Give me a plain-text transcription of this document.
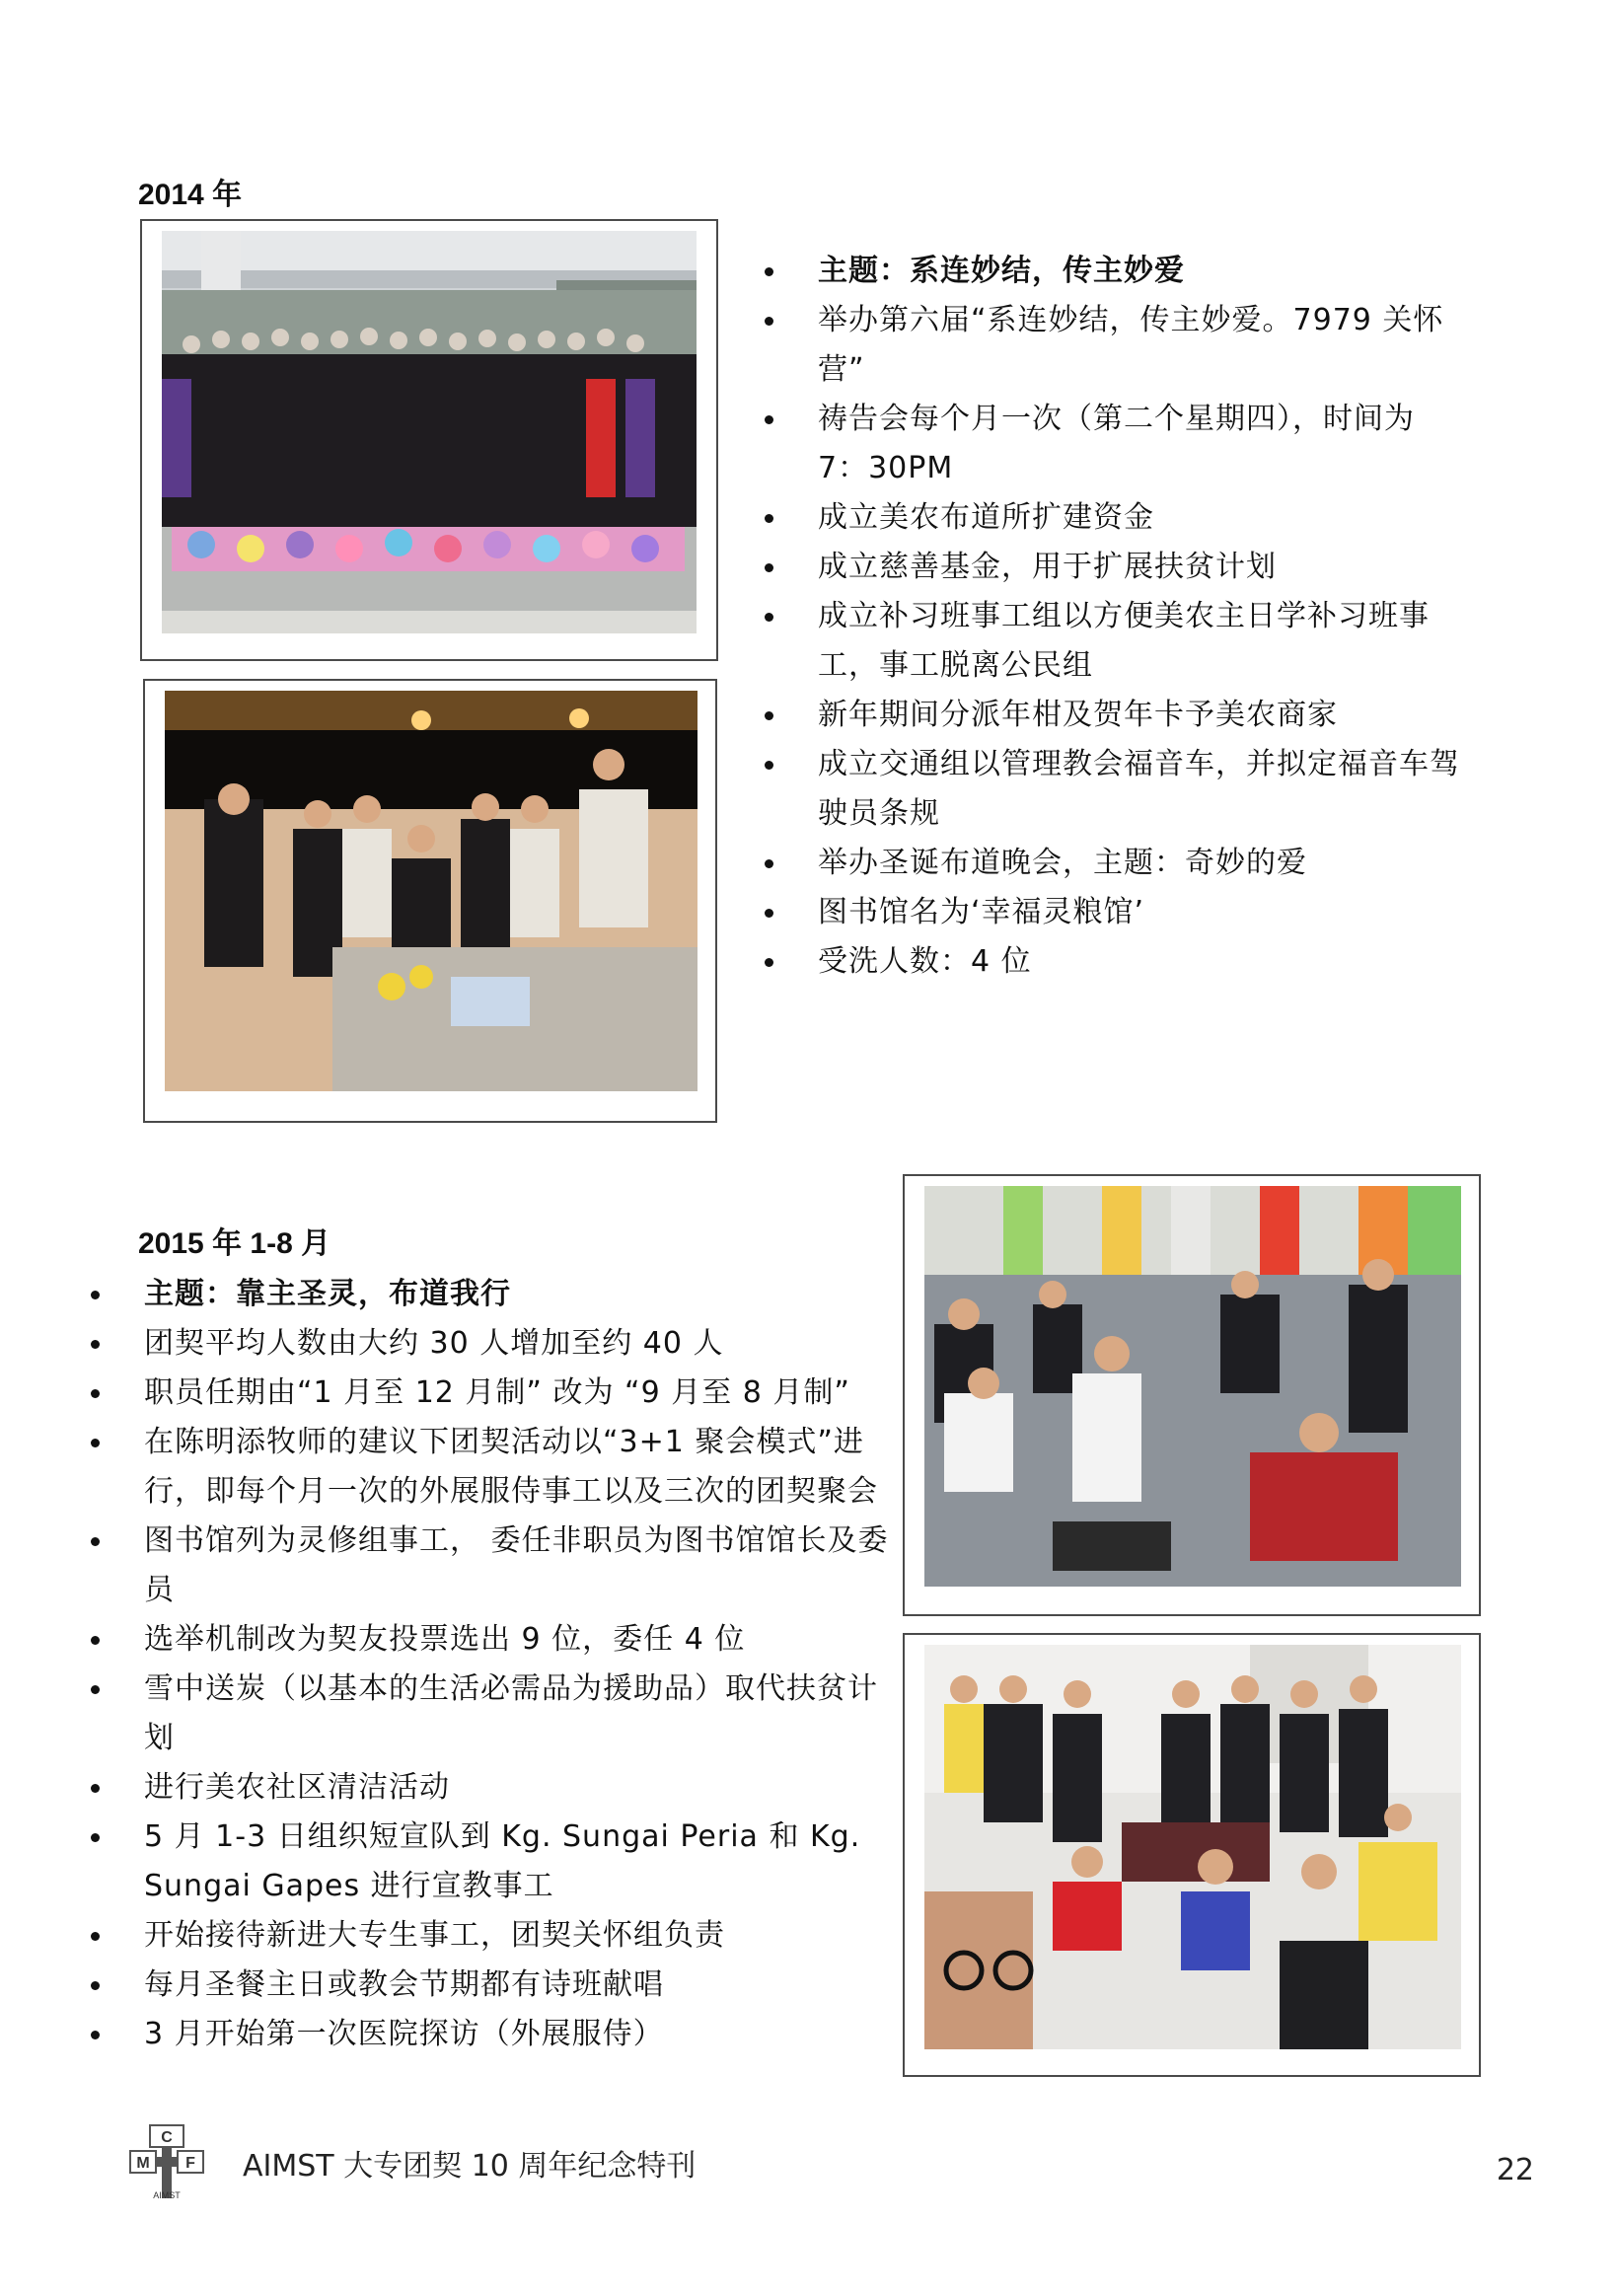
2014 年
主题：系连妙结，传主妙爱
举办第六届“系连妙结，传主妙爱。7979 关怀营”
祷告会每个月一次（第二个星期四），时间为 7：30PM
成立美农布道所扩建资金
成立慈善基金，用于扩展扶贫计划
成立补习班事工组以方便美农主日学补习班事工，事工脱离公民组
新年期间分派年柑及贺年卡予美农商家
成立交通组以管理教会福音车，并拟定福音车驾驶员条规
举办圣诞布道晚会，主题：奇妙的爱
图书馆名为‘幸福灵粮馆’
受洗人数：4 位
2015 年 1-8 月
主题：靠主圣灵，布道我行
团契平均人数由大约 30 人增加至约 40 人
职员任期由“1 月至 12 月制” 改为 “9 月至 8 月制”
在陈明添牧师的建议下团契活动以“3+1 聚会模式”进行，即每个月一次的外展服侍事工以及三次的团契聚会
图书馆列为灵修组事工， 委任非职员为图书馆馆长及委员
选举机制改为契友投票选出 9 位，委任 4 位
雪中送炭（以基本的生活必需品为援助品）取代扶贫计划
进行美农社区清洁活动
5 月 1-3 日组织短宣队到 Kg. Sungai Peria 和 Kg. Sungai Gapes 进行宣教事工
开始接待新进大专生事工，团契关怀组负责
每月圣餐主日或教会节期都有诗班献唱
3 月开始第一次医院探访（外展服侍）
C
M F
AIMST
AIMST 大专团契 10 周年纪念特刊	22
